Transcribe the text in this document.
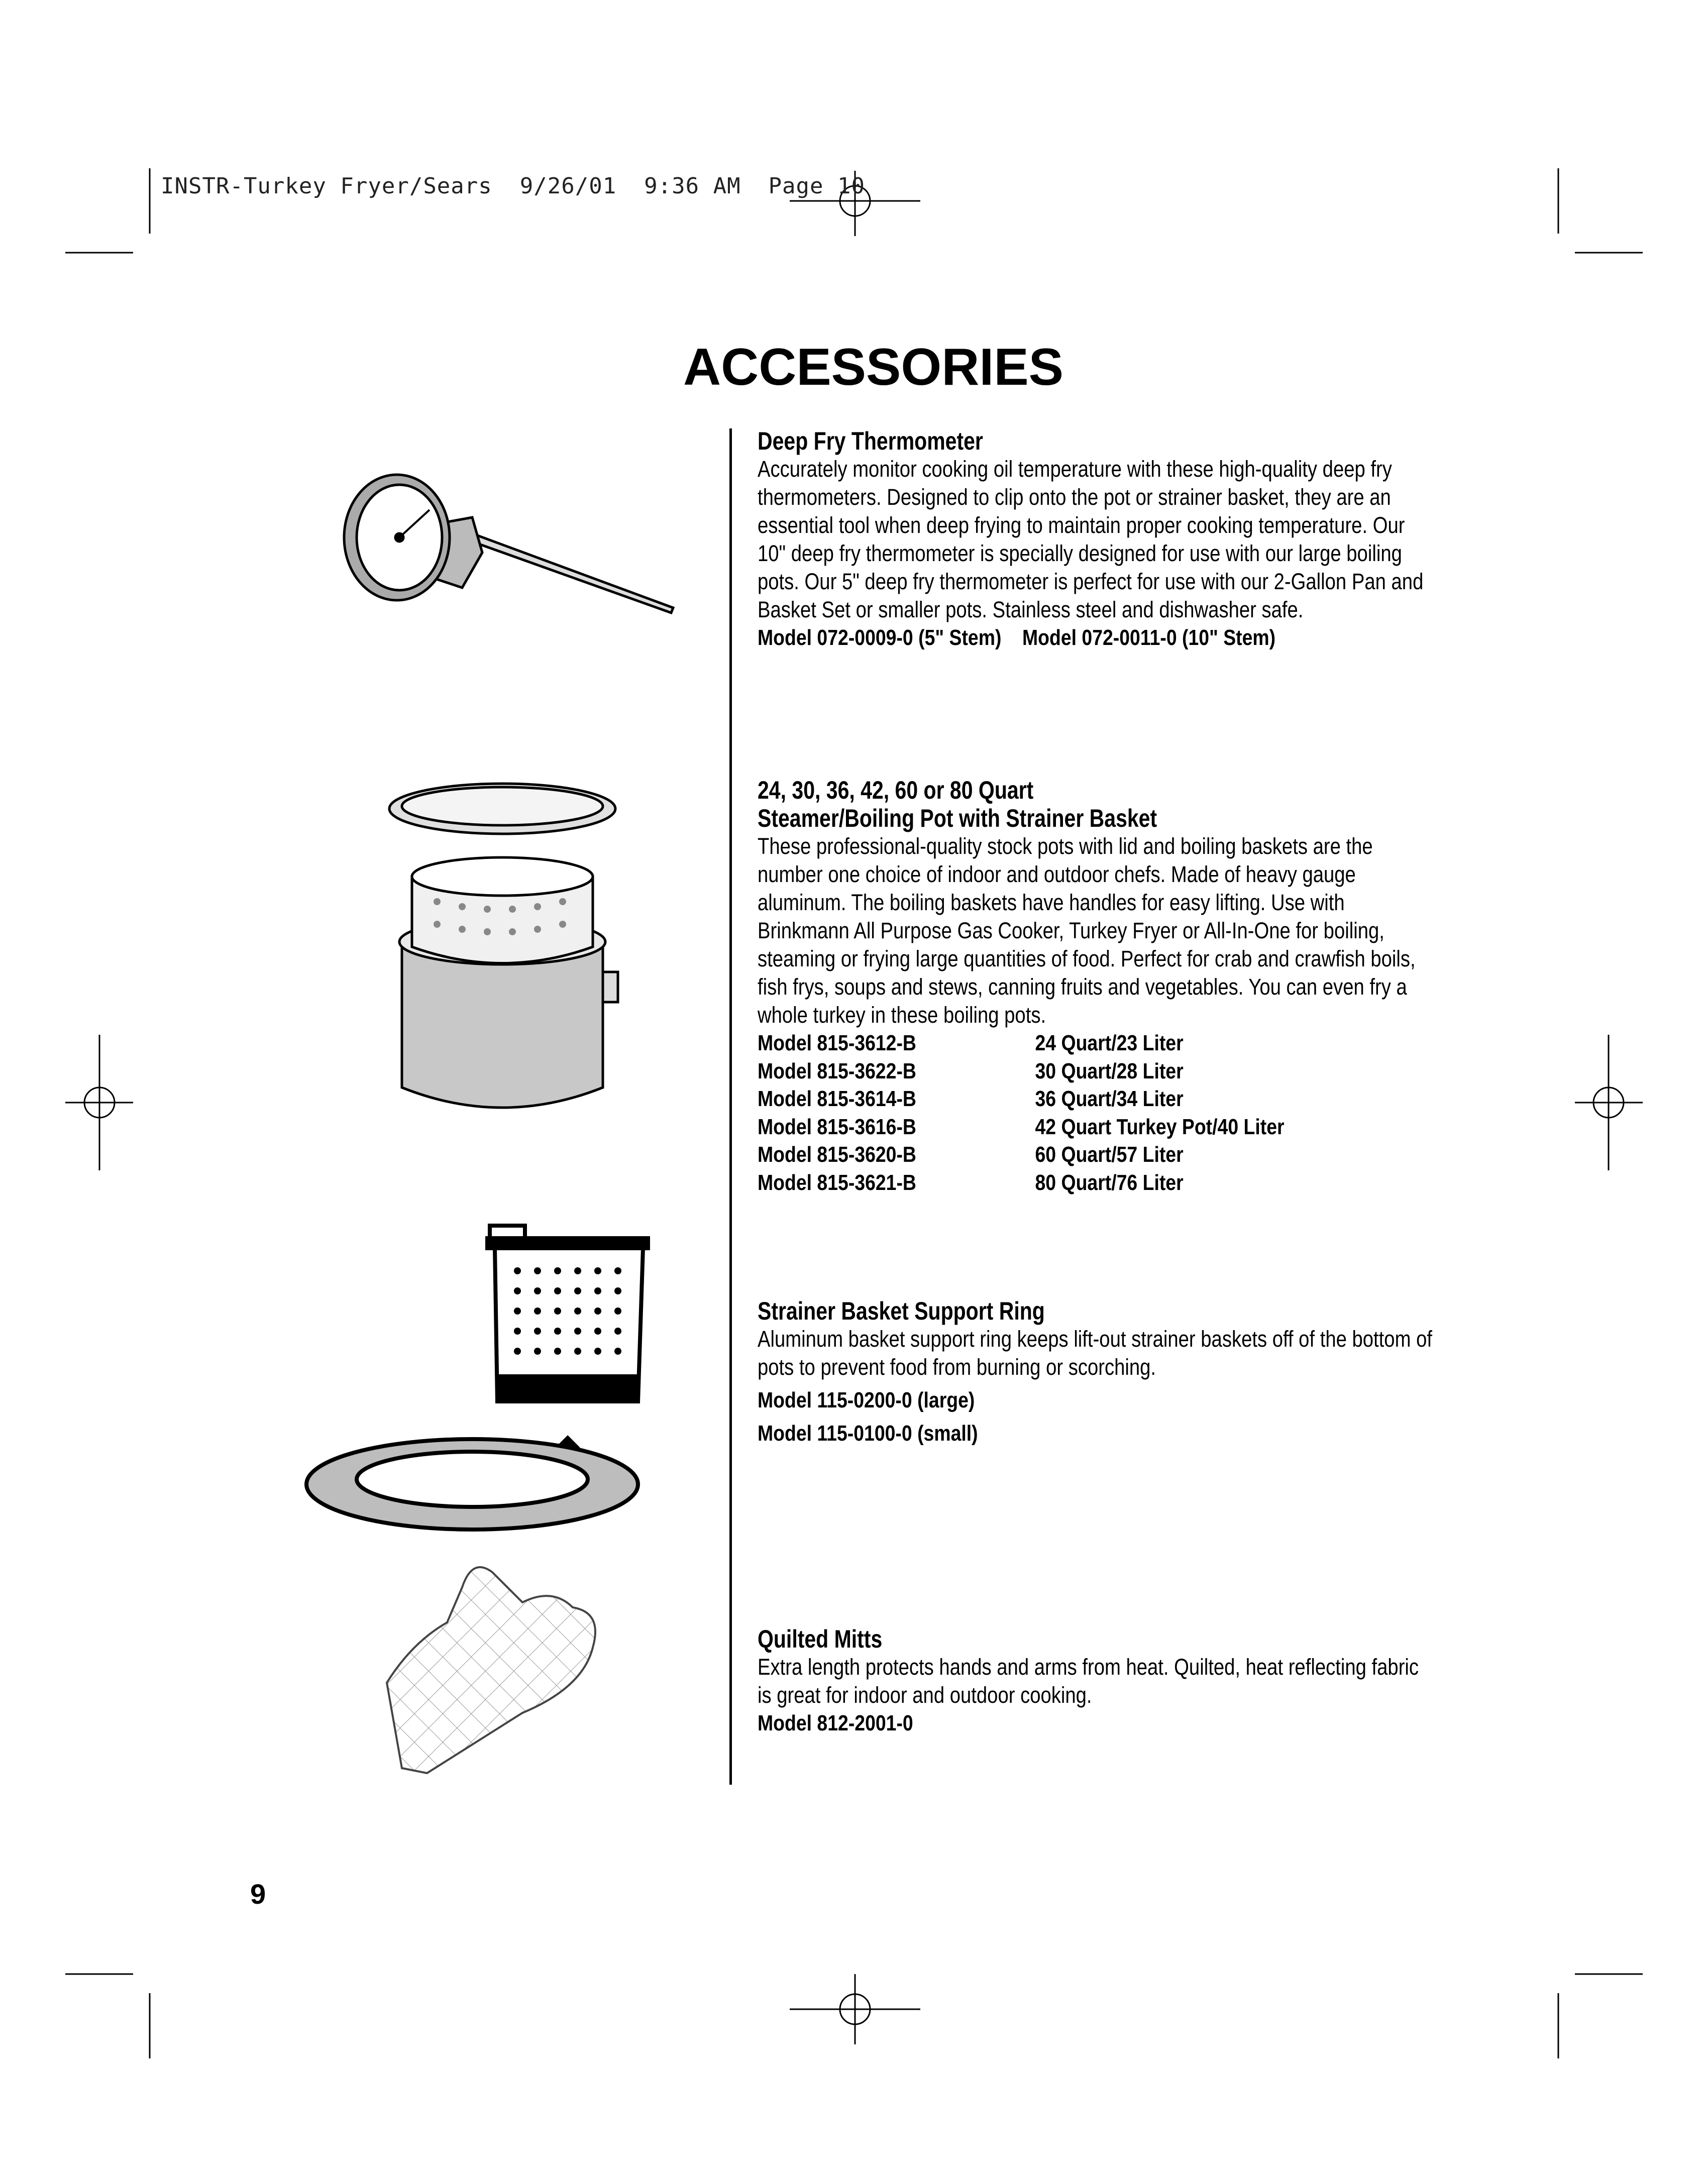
INSTR-Turkey Fryer/Sears  9/26/01  9:36 AM  Page 10
ACCESSORIES

Deep Fry Thermometer

Accurately monitor cooking oil temperature with these high-quality deep fry thermometers. Designed to clip onto the pot or strainer basket, they are an essential tool when deep frying to maintain proper cooking temperature. Our 10" deep fry thermometer is specially designed for use with our large boiling pots. Our 5" deep fry thermometer is perfect for use with our 2-Gallon Pan and Basket Set or smaller pots. Stainless steel and dishwasher safe.

Model 072-0009-0 (5" Stem)    Model 072-0011-0 (10" Stem)

24, 30, 36, 42, 60 or 80 Quart

Steamer/Boiling Pot with Strainer Basket

These professional-quality stock pots with lid and boiling baskets are the number one choice of indoor and outdoor chefs. Made of heavy gauge aluminum. The boiling baskets have handles for easy lifting. Use with Brinkmann All Purpose Gas Cooker, Turkey Fryer or All-In-One for boiling, steaming or frying large quantities of food. Perfect for crab and crawfish boils, fish frys, soups and stews, canning fruits and vegetables. You can even fry a whole turkey in these boiling pots.

Model 815-3612-B	24 Quart/23 Liter
Model 815-3622-B	30 Quart/28 Liter
Model 815-3614-B	36 Quart/34 Liter
Model 815-3616-B	42 Quart Turkey Pot/40 Liter
Model 815-3620-B	60 Quart/57 Liter
Model 815-3621-B	80 Quart/76 Liter

Strainer Basket Support Ring

Aluminum basket support ring keeps lift-out strainer baskets off of the bottom of pots to prevent food from burning or scorching.

Model 115-0200-0 (large)

Model 115-0100-0 (small)

Quilted Mitts

Extra length protects hands and arms from heat. Quilted, heat reflecting fabric is great for indoor and outdoor cooking.

Model 812-2001-0

9
